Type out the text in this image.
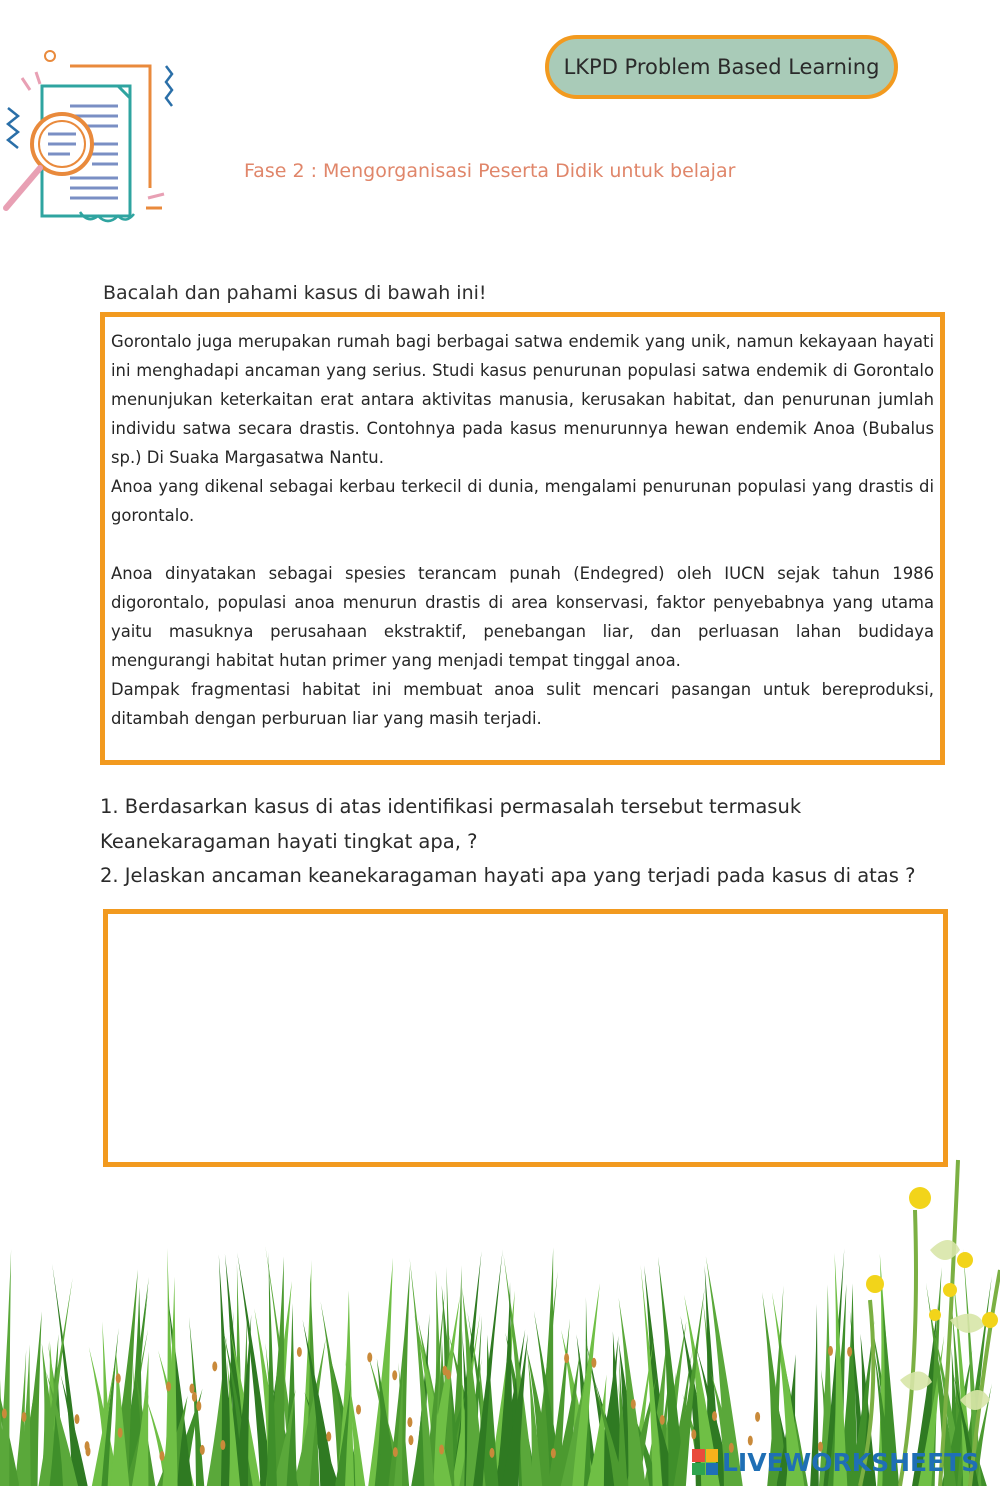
LKPD Problem Based Learning
Fase 2 : Mengorganisasi Peserta Didik untuk belajar
Bacalah dan pahami kasus di bawah ini!

Gorontalo juga merupakan rumah bagi berbagai satwa endemik yang unik, namun kekayaan hayati ini menghadapi ancaman yang serius. Studi kasus penurunan populasi satwa endemik di Gorontalo menunjukan keterkaitan erat antara aktivitas manusia, kerusakan habitat, dan penurunan jumlah individu satwa secara drastis. Contohnya pada kasus menurunnya hewan endemik Anoa (Bubalus sp.) Di Suaka Margasatwa Nantu.

Anoa yang dikenal sebagai kerbau terkecil di dunia, mengalami penurunan populasi yang drastis di gorontalo.

Anoa dinyatakan sebagai spesies terancam punah (Endegred) oleh IUCN sejak tahun 1986 digorontalo, populasi anoa menurun drastis di area konservasi, faktor penyebabnya yang utama yaitu masuknya perusahaan ekstraktif, penebangan liar, dan perluasan lahan budidaya mengurangi habitat hutan primer yang menjadi tempat tinggal anoa.

Dampak fragmentasi habitat ini membuat anoa sulit mencari pasangan untuk bereproduksi, ditambah dengan perburuan liar yang masih terjadi.

1. Berdasarkan kasus di atas identifikasi permasalah tersebut termasuk
Keanekaragaman hayati tingkat apa, ?
2. Jelaskan ancaman keanekaragaman hayati apa yang terjadi pada kasus di atas ?
LIVEWORKSHEETS
